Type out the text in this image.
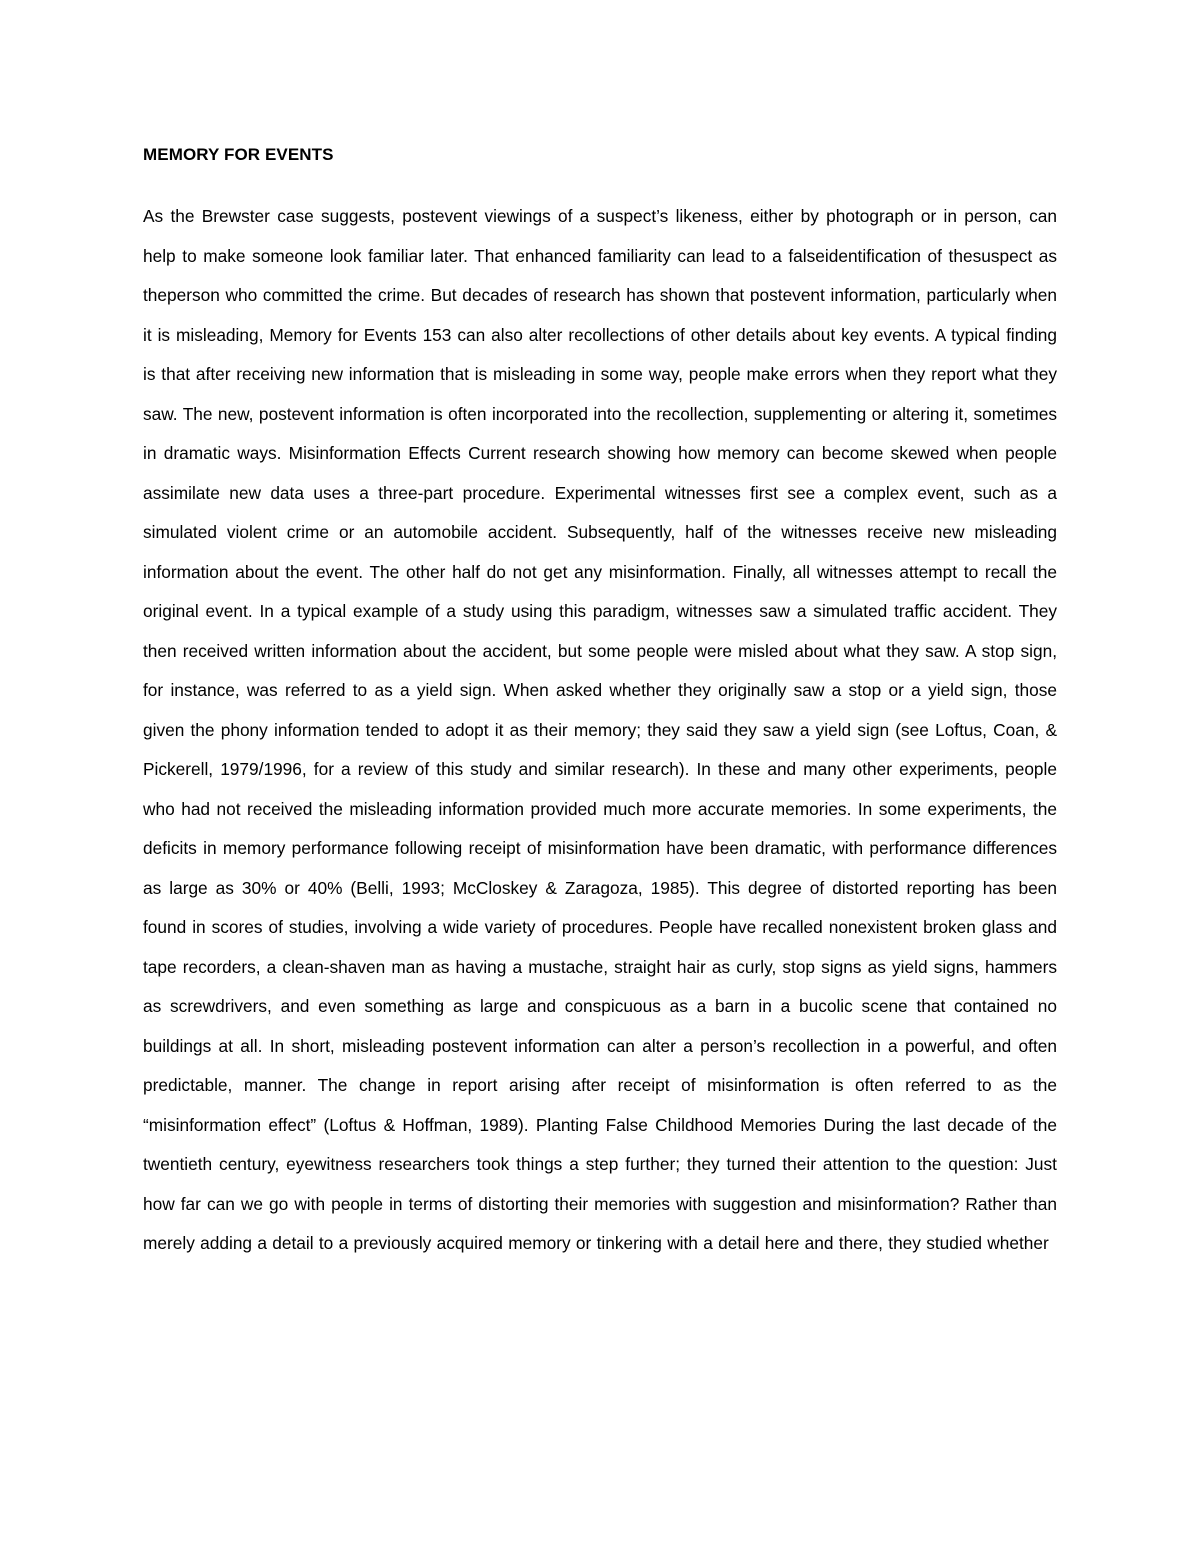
MEMORY FOR EVENTS

As the Brewster case suggests, postevent viewings of a suspect’s likeness, either by photograph or in person, can help to make someone look familiar later. That enhanced familiarity can lead to a falseidentification of thesuspect as theperson who committed the crime. But decades of research has shown that postevent information, particularly when it is misleading, Memory for Events 153 can also alter recollections of other details about key events. A typical finding is that after receiving new information that is misleading in some way, people make errors when they report what they saw. The new, postevent information is often incorporated into the recollection, supplementing or altering it, sometimes in dramatic ways. Misinformation Effects Current research showing how memory can become skewed when people assimilate new data uses a three-part procedure. Experimental witnesses first see a complex event, such as a simulated violent crime or an automobile accident. Subsequently, half of the witnesses receive new misleading information about the event. The other half do not get any misinformation. Finally, all witnesses attempt to recall the original event. In a typical example of a study using this paradigm, witnesses saw a simulated traffic accident. They then received written information about the accident, but some people were misled about what they saw. A stop sign, for instance, was referred to as a yield sign. When asked whether they originally saw a stop or a yield sign, those given the phony information tended to adopt it as their memory; they said they saw a yield sign (see Loftus, Coan, & Pickerell, 1979/1996, for a review of this study and similar research). In these and many other experiments, people who had not received the misleading information provided much more accurate memories. In some experiments, the deficits in memory performance following receipt of misinformation have been dramatic, with performance differences as large as 30% or 40% (Belli, 1993; McCloskey & Zaragoza, 1985). This degree of distorted reporting has been found in scores of studies, involving a wide variety of procedures. People have recalled nonexistent broken glass and tape recorders, a clean-shaven man as having a mustache, straight hair as curly, stop signs as yield signs, hammers as screwdrivers, and even something as large and conspicuous as a barn in a bucolic scene that contained no buildings at all. In short, misleading postevent information can alter a person’s recollection in a powerful, and often predictable, manner. The change in report arising after receipt of misinformation is often referred to as the “misinformation effect” (Loftus & Hoffman, 1989). Planting False Childhood Memories During the last decade of the twentieth century, eyewitness researchers took things a step further; they turned their attention to the question: Just how far can we go with people in terms of distorting their memories with suggestion and misinformation? Rather than merely adding a detail to a previously acquired memory or tinkering with a detail here and there, they studied whether
